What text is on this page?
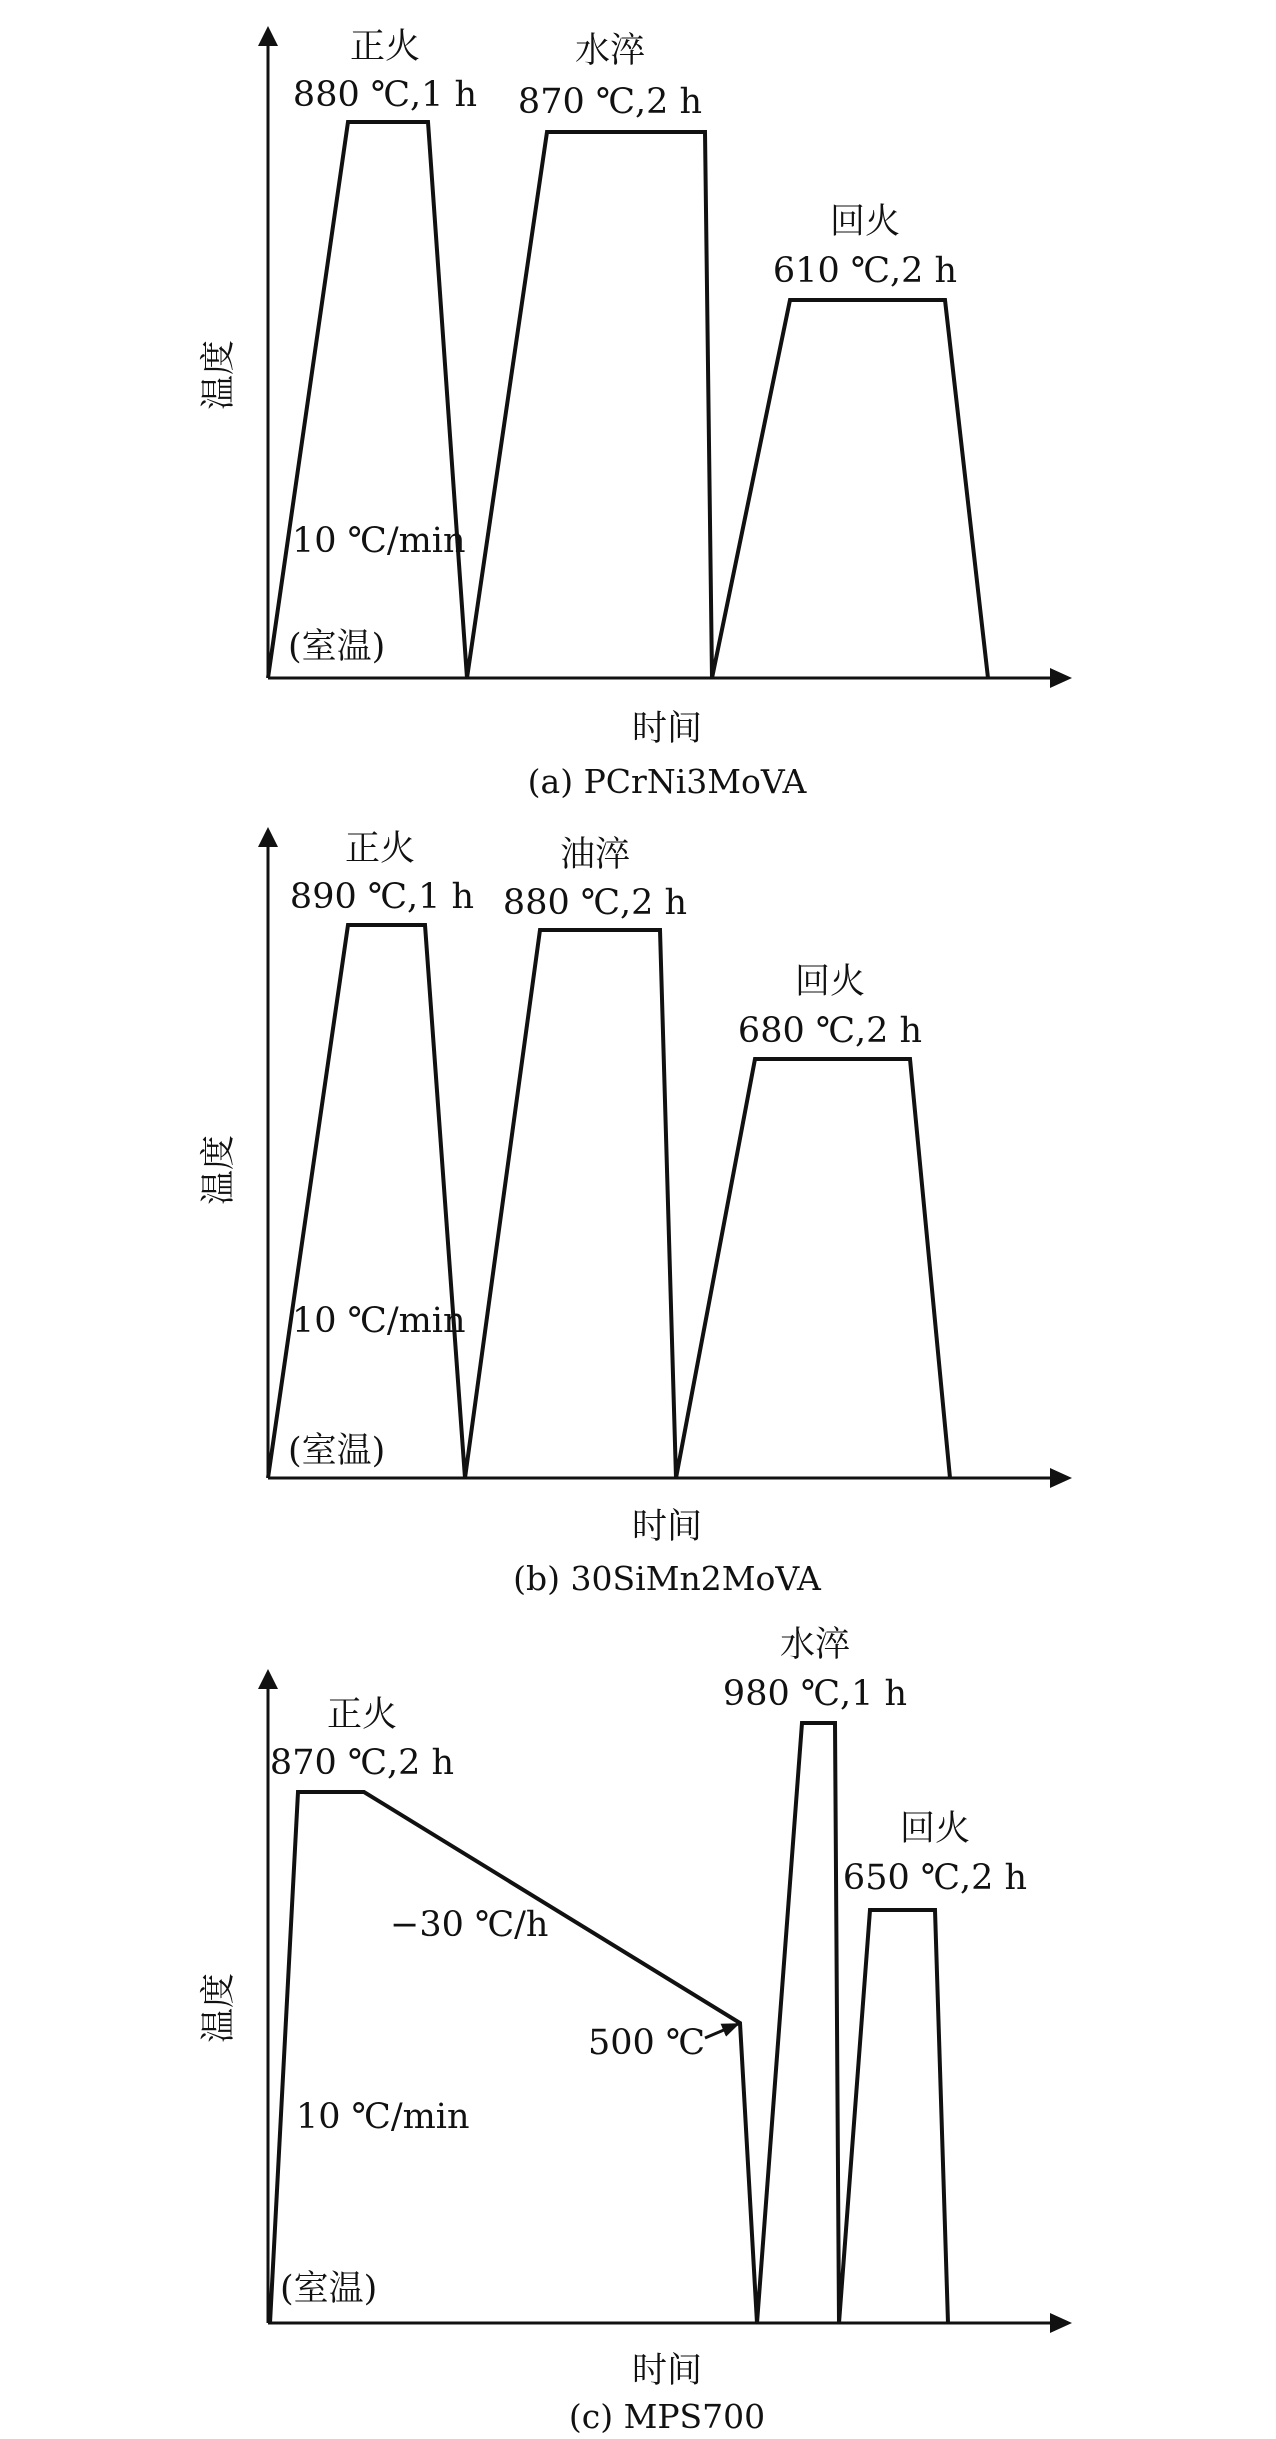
正火
880 ℃,1 h
水淬
870 ℃,2 h
回火
610 ℃,2 h
10 ℃/min
(室温)
温度
时间
(a) PCrNi3MoVA
正火
890 ℃,1 h
油淬
880 ℃,2 h
回火
680 ℃,2 h
10 ℃/min
(室温)
温度
时间
(b) 30SiMn2MoVA
正火
870 ℃,2 h
水淬
980 ℃,1 h
回火
650 ℃,2 h
−30 ℃/h
500 ℃
10 ℃/min
(室温)
温度
时间
(c) MPS700
